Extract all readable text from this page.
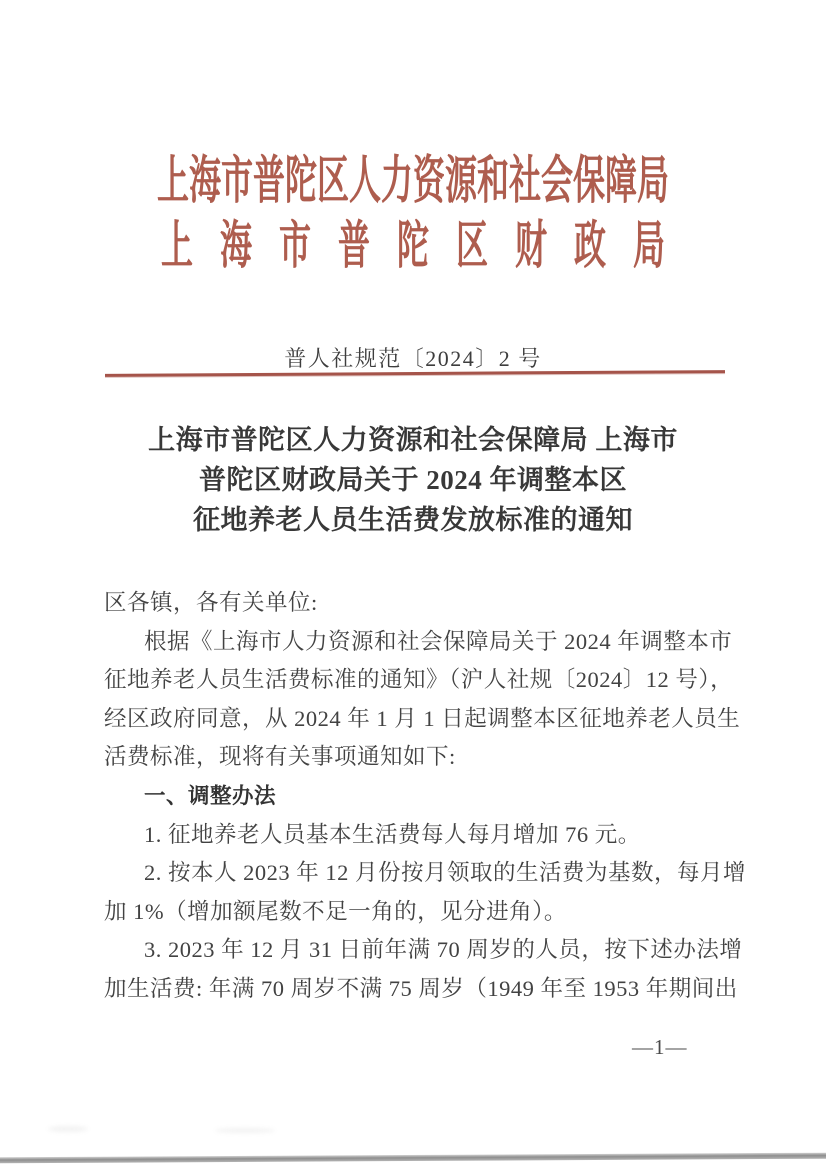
上海市普陀区人力资源和社会保障局
上海市普陀区财政局
普人社规范〔2024〕2 号
上海市普陀区人力资源和社会保障局 上海市
普陀区财政局关于 2024 年调整本区
征地养老人员生活费发放标准的通知
区各镇，各有关单位:
根据《上海市人力资源和社会保障局关于 2024 年调整本市
征地养老人员生活费标准的通知》（沪人社规〔2024〕12 号），
经区政府同意，从 2024 年 1 月 1 日起调整本区征地养老人员生
活费标准，现将有关事项通知如下:
一、调整办法
1. 征地养老人员基本生活费每人每月增加 76 元。
2. 按本人 2023 年 12 月份按月领取的生活费为基数，每月增
加 1%（增加额尾数不足一角的，见分进角）。
3. 2023 年 12 月 31 日前年满 70 周岁的人员，按下述办法增
加生活费: 年满 70 周岁不满 75 周岁（1949 年至 1953 年期间出
—1—
